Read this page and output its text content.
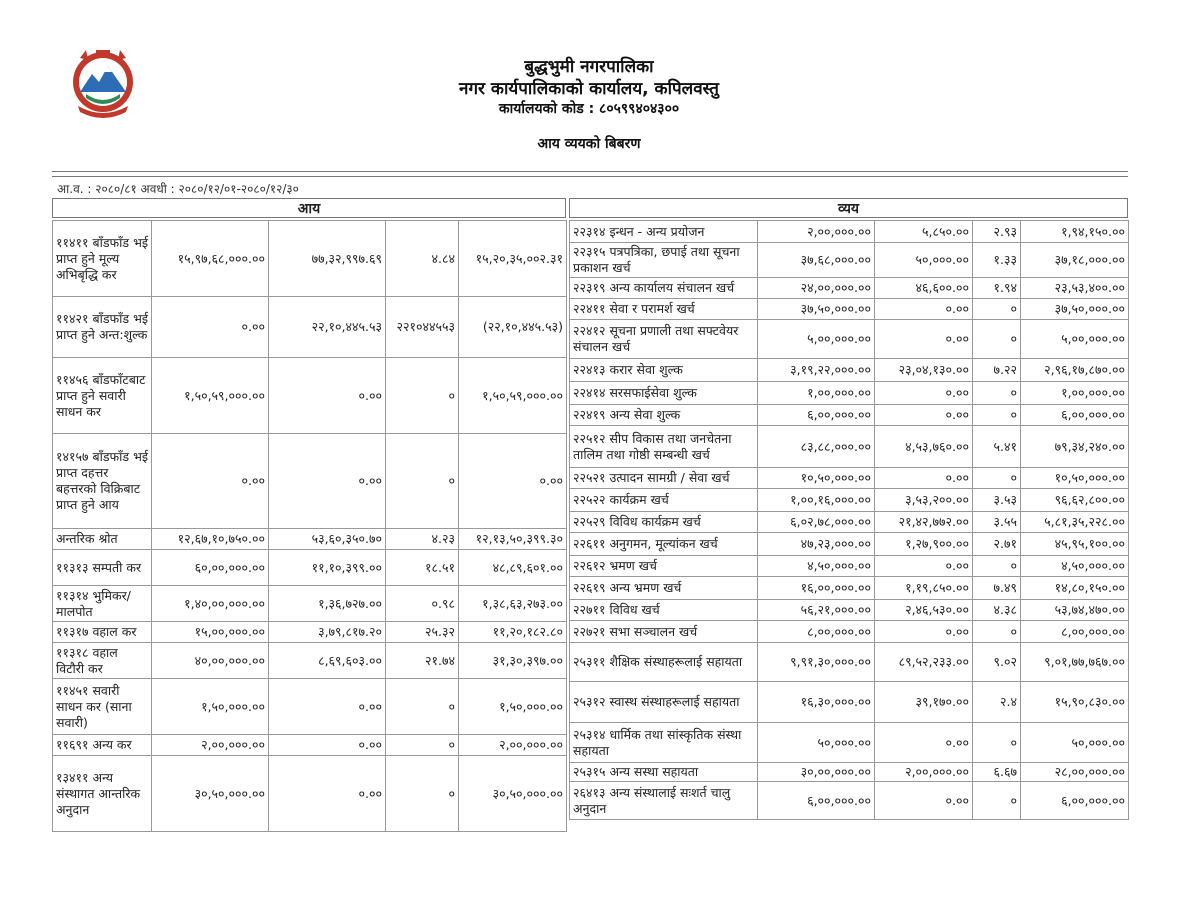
बुद्धभुमी नगरपालिका
नगर कार्यपालिकाको कार्यालय, कपिलवस्तु
कार्यालयको कोड : ८०५९९४०४३००
आय व्ययको बिबरण
आ.व. : २०८०/८१ अवधी : २०८०/१२/०१-२०८०/१२/३०
आय	व्यय
११४११ बाँडफाँड भई प्राप्त हुने मूल्य अभिबृद्धि कर	१५,९७,६८,०००.००	७७,३२,९९७.६९	४.८४	१५,२०,३५,००२.३१
११४२१ बाँडफाँड भई प्राप्त हुने अन्त:शुल्क	०.००	२२,१०,४४५.५३	२२१०४४५५३	(२२,१०,४४५.५३)
११४५६ बाँडफाँटबाट प्राप्त हुने सवारी साधन कर	१,५०,५९,०००.००	०.००	०	१,५०,५९,०००.००
१४१५७ बाँडफाँड भई प्राप्त दहत्तर बहत्तरको विक्रिबाट प्राप्त हुने आय	०.००	०.००	०	०.००
अन्तरिक श्रोत	१२,६७,१०,७५०.००	५३,६०,३५०.७०	४.२३	१२,१३,५०,३९९.३०
११३१३ सम्पती कर	६०,००,०००.००	११,१०,३९९.००	१८.५१	४८,८९,६०१.००
११३१४ भुमिकर/ मालपोत	१,४०,००,०००.००	१,३६,७२७.००	०.९८	१,३८,६३,२७३.००
११३१७ वहाल कर	१५,००,०००.००	३,७९,८१७.२०	२५.३२	११,२०,१८२.८०
११३१८ वहाल विटौरी कर	४०,००,०००.००	८,६९,६०३.००	२१.७४	३१,३०,३९७.००
११४५१ सवारी साधन कर (साना सवारी)	१,५०,०००.००	०.००	०	१,५०,०००.००
११६९१ अन्य कर	२,००,०००.००	०.००	०	२,००,०००.००
१३४११ अन्य संस्थागत आन्तरिक अनुदान	३०,५०,०००.००	०.००	०	३०,५०,०००.००
२२३१४ इन्धन - अन्य प्रयोजन	२,००,०००.००	५,८५०.००	२.९३	१,९४,१५०.००
२२३१५ पत्रपत्रिका, छपाई तथा सूचना प्रकाशन खर्च	३७,६८,०००.००	५०,०००.००	१.३३	३७,१८,०००.००
२२३१९ अन्य कार्यालय संचालन खर्च	२४,००,०००.००	४६,६००.००	१.९४	२३,५३,४००.००
२२४११ सेवा र परामर्श खर्च	३७,५०,०००.००	०.००	०	३७,५०,०००.००
२२४१२ सूचना प्रणाली तथा सफ्टवेयर संचालन खर्च	५,००,०००.००	०.००	०	५,००,०००.००
२२४१३ करार सेवा शुल्क	३,१९,२२,०००.००	२३,०४,१३०.००	७.२२	२,९६,१७,८७०.००
२२४१४ सरसफाईसेवा शुल्क	१,००,०००.००	०.००	०	१,००,०००.००
२२४१९ अन्य सेवा शुल्क	६,००,०००.००	०.००	०	६,००,०००.००
२२५१२ सीप विकास तथा जनचेतना तालिम तथा गोष्ठी सम्बन्धी खर्च	८३,८८,०००.००	४,५३,७६०.००	५.४१	७९,३४,२४०.००
२२५२१ उत्पादन सामग्री / सेवा खर्च	१०,५०,०००.००	०.००	०	१०,५०,०००.००
२२५२२ कार्यक्रम खर्च	१,००,१६,०००.००	३,५३,२००.००	३.५३	९६,६२,८००.००
२२५२९ विविध कार्यक्रम खर्च	६,०२,७८,०००.००	२१,४२,७७२.००	३.५५	५,८१,३५,२२८.००
२२६११ अनुगमन, मूल्यांकन खर्च	४७,२३,०००.००	१,२७,९००.००	२.७१	४५,९५,१००.००
२२६१२ भ्रमण खर्च	४,५०,०००.००	०.००	०	४,५०,०००.००
२२६१९ अन्य भ्रमण खर्च	१६,००,०००.००	१,१९,८५०.००	७.४९	१४,८०,१५०.००
२२७११ विविध खर्च	५६,२१,०००.००	२,४६,५३०.००	४.३८	५३,७४,४७०.००
२२७२१ सभा सञ्चालन खर्च	८,००,०००.००	०.००	०	८,००,०००.००
२५३११ शैक्षिक संस्थाहरूलाई सहायता	९,९१,३०,०००.००	८९,५२,२३३.००	९.०२	९,०१,७७,७६७.००
२५३१२ स्वास्थ संस्थाहरूलाई सहायता	१६,३०,०००.००	३९,१७०.००	२.४	१५,९०,८३०.००
२५३१४ धार्मिक तथा सांस्कृतिक संस्था सहायता	५०,०००.००	०.००	०	५०,०००.००
२५३१५ अन्य सस्था सहायता	३०,००,०००.००	२,००,०००.००	६.६७	२८,००,०००.००
२६४१३ अन्य संस्थालाई सःशर्त चालु अनुदान	६,००,०००.००	०.००	०	६,००,०००.००
